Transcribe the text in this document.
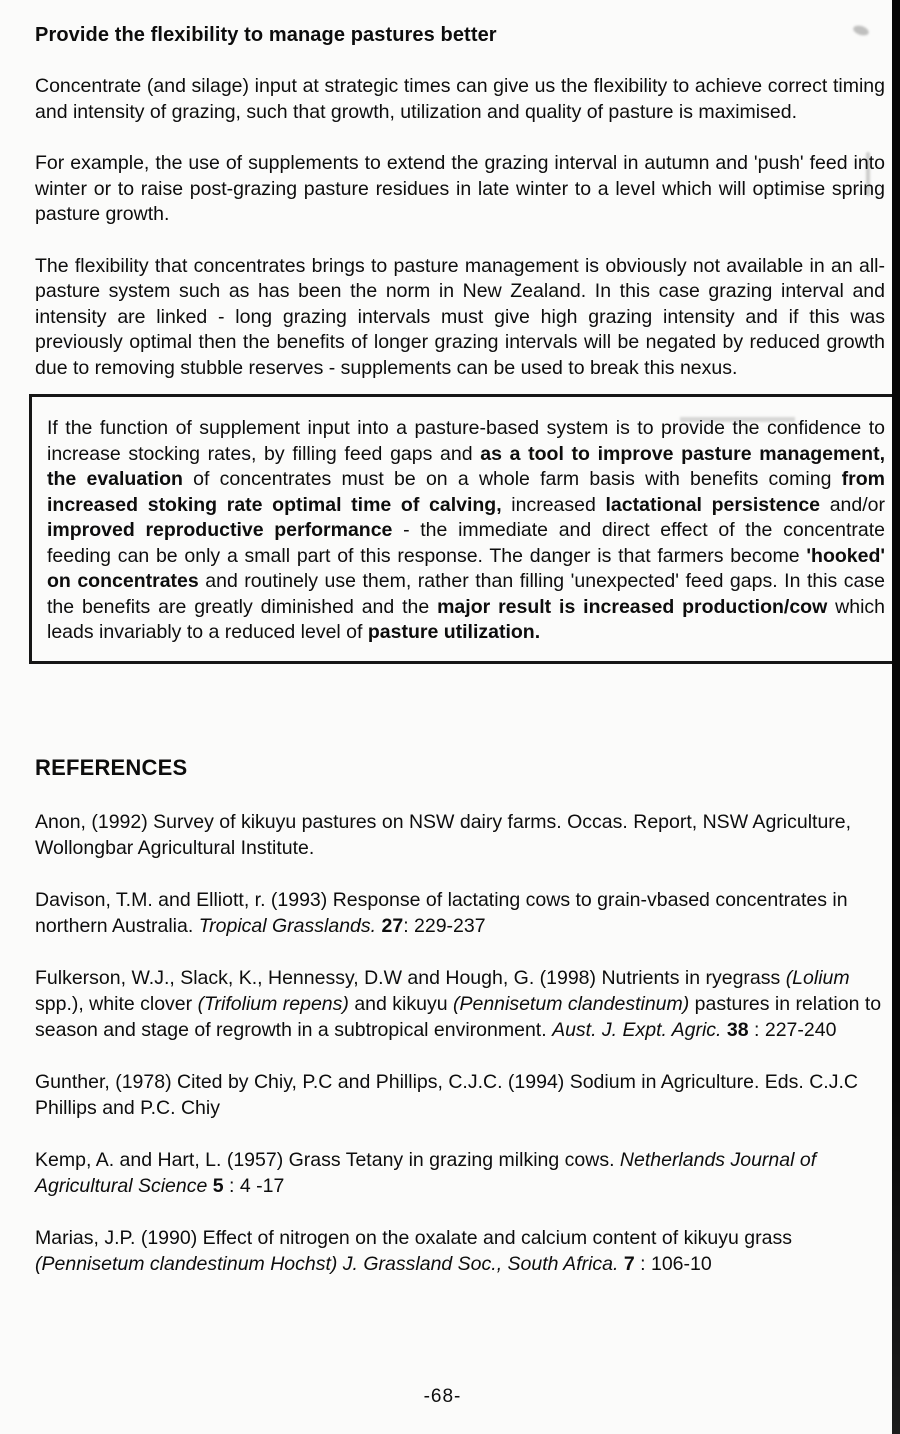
Provide the flexibility to manage pastures better

Concentrate (and silage) input at strategic times can give us the flexibility to achieve correct timing and intensity of grazing, such that growth, utilization and quality of pasture is maximised.

For example, the use of supplements to extend the grazing interval in autumn and 'push' feed into winter or to raise post-grazing pasture residues in late winter to a level which will optimise spring pasture growth.

The flexibility that concentrates brings to pasture management is obviously not available in an all-pasture system such as has been the norm in New Zealand. In this case grazing interval and intensity are linked - long grazing intervals must give high grazing intensity and if this was previously optimal then the benefits of longer grazing intervals will be negated by reduced growth due to removing stubble reserves - supplements can be used to break this nexus.

If the function of supplement input into a pasture-based system is to provide the confidence to increase stocking rates, by filling feed gaps and as a tool to improve pasture management, the evaluation of concentrates must be on a whole farm basis with benefits coming from increased stoking rate optimal time of calving, increased lactational persistence and/or improved reproductive performance - the immediate and direct effect of the concentrate feeding can be only a small part of this response. The danger is that farmers become 'hooked' on concentrates and routinely use them, rather than filling 'unexpected' feed gaps. In this case the benefits are greatly diminished and the major result is increased production/cow which leads invariably to a reduced level of pasture utilization.

REFERENCES

Anon, (1992) Survey of kikuyu pastures on NSW dairy farms. Occas. Report, NSW Agriculture, Wollongbar Agricultural Institute.

Davison, T.M. and Elliott, r. (1993) Response of lactating cows to grain-vbased concentrates in northern Australia. Tropical Grasslands. 27: 229-237

Fulkerson, W.J., Slack, K., Hennessy, D.W and Hough, G. (1998) Nutrients in ryegrass (Lolium spp.), white clover (Trifolium repens) and kikuyu (Pennisetum clandestinum) pastures in relation to season and stage of regrowth in a subtropical environment. Aust. J. Expt. Agric. 38 : 227-240

Gunther, (1978) Cited by Chiy, P.C and Phillips, C.J.C. (1994) Sodium in Agriculture. Eds. C.J.C Phillips and P.C. Chiy

Kemp, A. and Hart, L. (1957) Grass Tetany in grazing milking cows. Netherlands Journal of Agricultural Science 5 : 4 -17

Marias, J.P. (1990) Effect of nitrogen on the oxalate and calcium content of kikuyu grass (Pennisetum clandestinum Hochst) J. Grassland Soc., South Africa. 7 : 106-10

-68-
